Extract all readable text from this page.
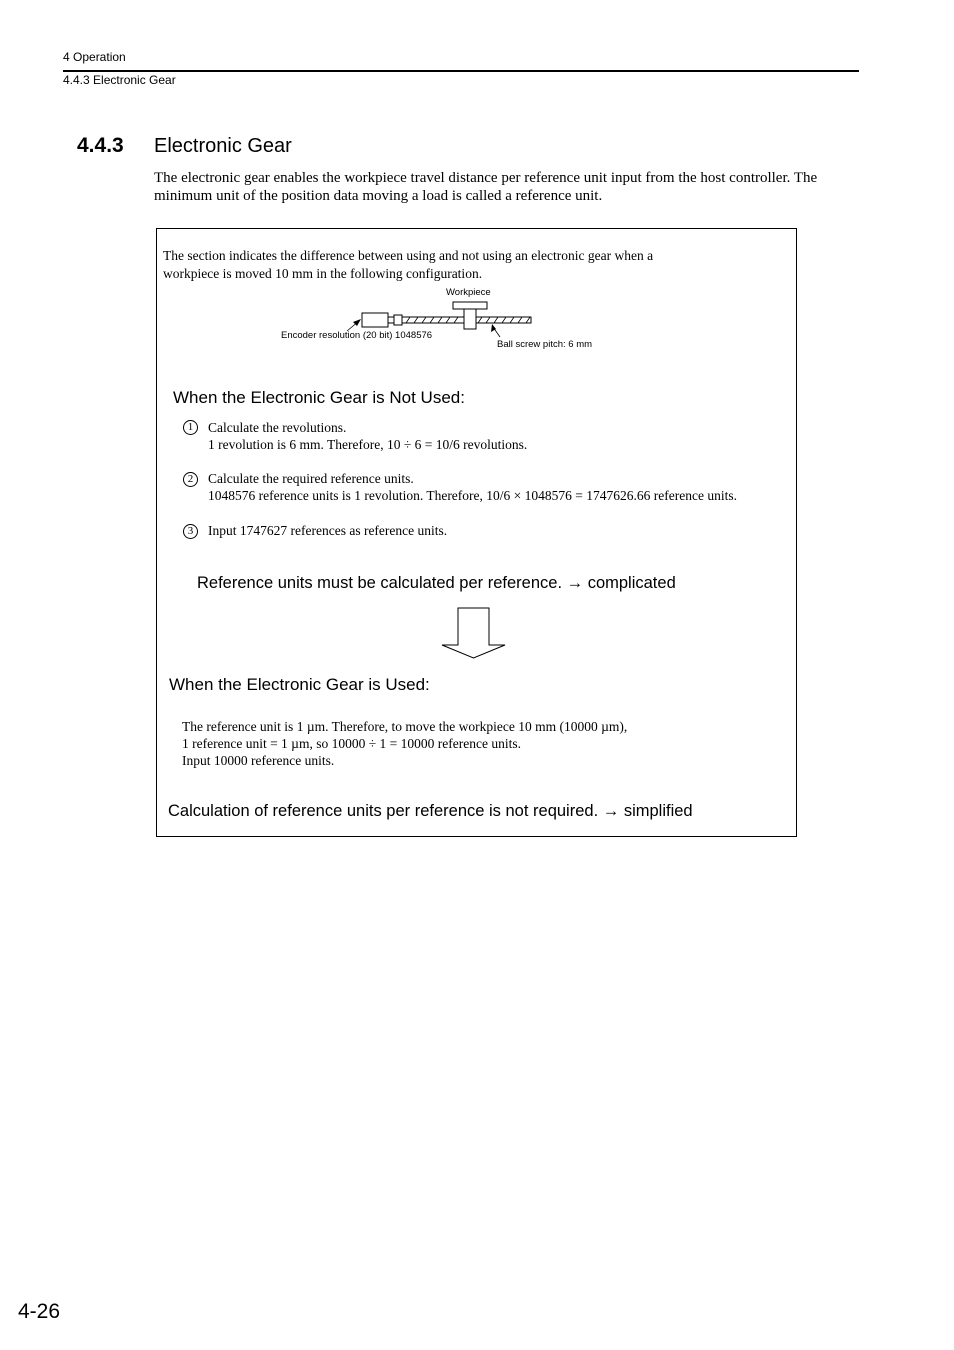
4 Operation
4.4.3 Electronic Gear
4.4.3 Electronic Gear
The electronic gear enables the workpiece travel distance per reference unit input from the host controller. The minimum unit of the position data moving a load is called a reference unit.
The section indicates the difference between using and not using an electronic gear when a
workpiece is moved 10 mm in the following configuration.
Workpiece
Encoder resolution (20 bit) 1048576
Ball screw pitch: 6 mm
When the Electronic Gear is Not Used:
1	Calculate the revolutions.
1 revolution is 6 mm. Therefore, 10 ÷ 6 = 10/6 revolutions.
2	Calculate the required reference units.
1048576 reference units is 1 revolution. Therefore, 10/6 × 1048576 = 1747626.66 reference units.
3	Input 1747627 references as reference units.
Reference units must be calculated per reference. → complicated
When the Electronic Gear is Used:
The reference unit is 1 µm. Therefore, to move the workpiece 10 mm (10000 µm),
1 reference unit = 1 µm, so 10000 ÷ 1 = 10000 reference units.
Input 10000 reference units.
Calculation of reference units per reference is not required. → simplified
4-26
